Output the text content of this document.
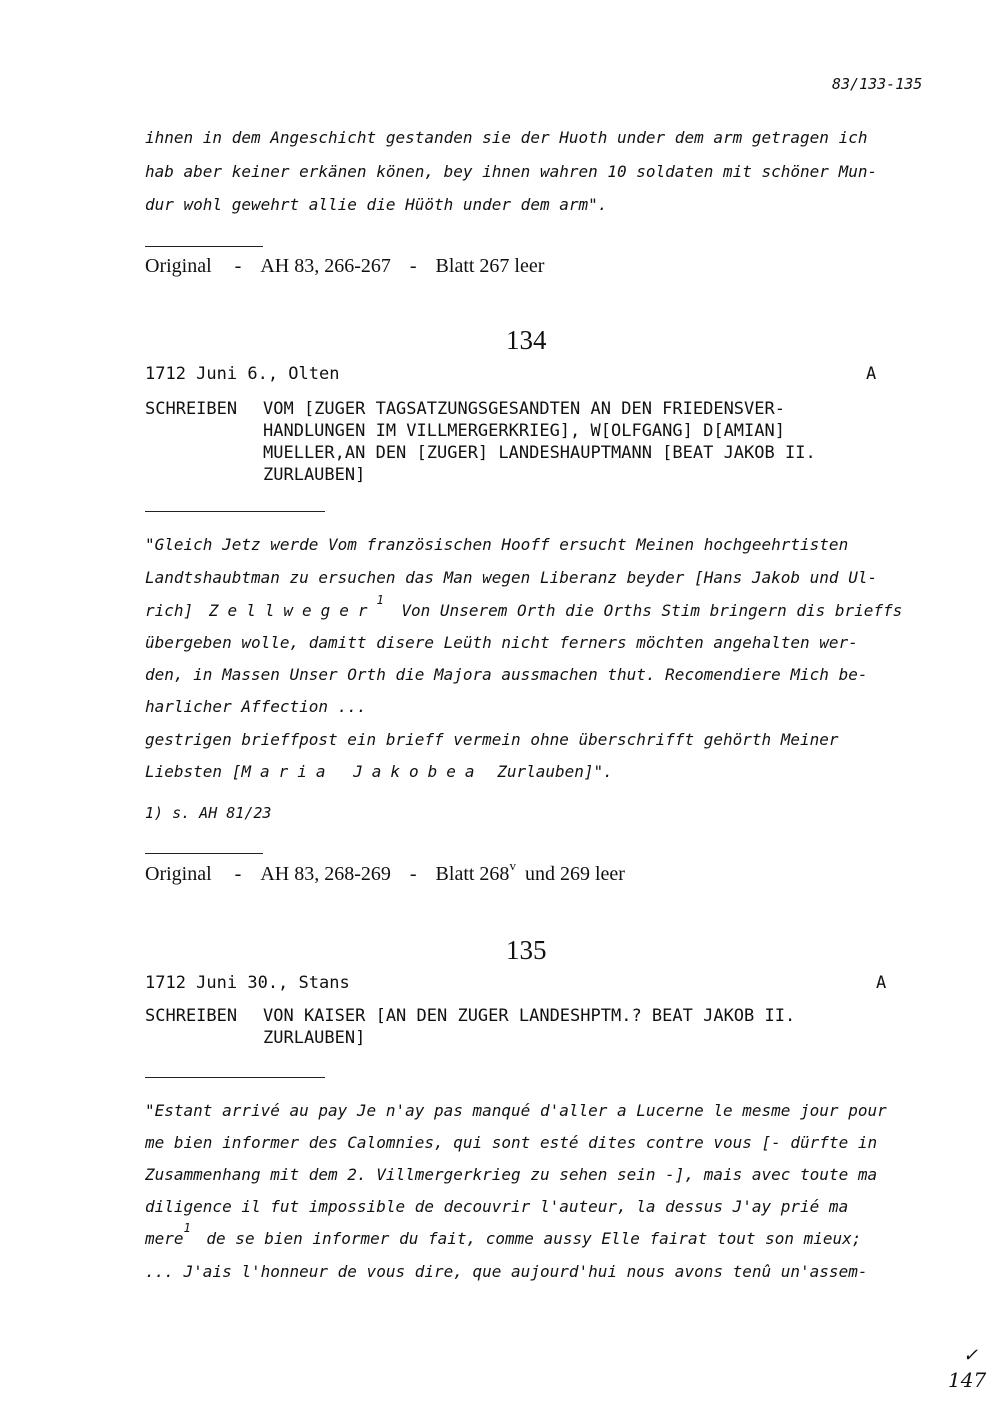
83/133-135
ihnen in dem Angeschicht gestanden sie der Huoth under dem arm getragen ich
hab aber keiner erkänen könen, bey ihnen wahren 10 soldaten mit schöner Mun-
dur wohl gewehrt allie die Hüöth under dem arm".
Original - AH 83, 266-267 - Blatt 267 leer
134
1712 Juni 6., Olten	A
SCHREIBEN VOM [ZUGER TAGSATZUNGSGESANDTEN AN DEN FRIEDENSVER-
HANDLUNGEN IM VILLMERGERKRIEG], W[OLFGANG] D[AMIAN]
MUELLER,AN DEN [ZUGER] LANDESHAUPTMANN [BEAT JAKOB II.
ZURLAUBEN]
"Gleich Jetz werde Vom französischen Hooff ersucht Meinen hochgeehrtisten
Landtshaubtman zu ersuchen das Man wegen Liberanz beyder [Hans Jakob und Ul-
rich] Zellweger$^1$ Von Unserem Orth die Orths Stim bringern dis brieffs
übergeben wolle, damitt disere Leüth nicht ferners möchten angehalten wer-
den, in Massen Unser Orth die Majora aussmachen thut. Recomendiere Mich be-
harlicher Affection ...
gestrigen brieffpost ein brieff vermein ohne überschrifft gehörth Meiner
Liebsten [Maria Jakobea Zurlauben]".
1) s. AH 81/23
Original - AH 83, 268-269 - Blatt 268$^v$ und 269 leer
135
1712 Juni 30., Stans	A
SCHREIBEN VON KAISER [AN DEN ZUGER LANDESHPTM.? BEAT JAKOB II.
ZURLAUBEN]
"Estant arrivé au pay Je n'ay pas manqué d'aller a Lucerne le mesme jour pour
me bien informer des Calomnies, qui sont esté dites contre vous [- dürfte in
Zusammenhang mit dem 2. Villmergerkrieg zu sehen sein -], mais avec toute ma
diligence il fut impossible de decouvrir l'auteur, la dessus J'ay prié ma
mere$^1$ de se bien informer du fait, comme aussy Elle fairat tout son mieux;
... J'ais l'honneur de vous dire, que aujourd'hui nous avons tenû un'assem-
✓
147
